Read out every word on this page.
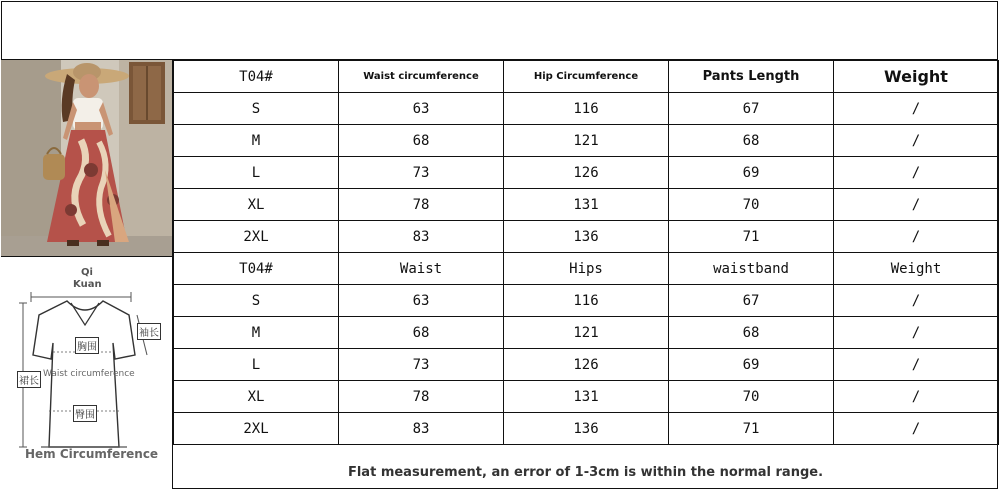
Qi
Kuan
胸围
袖长
裙长
Waist circumference
臀围
Hem Circumference
T04#	Waist circumference	Hip Circumference	Pants Length	Weight
S	63	116	67	/
M	68	121	68	/
L	73	126	69	/
XL	78	131	70	/
2XL	83	136	71	/
T04#	Waist	Hips	waistband	Weight
S	63	116	67	/
M	68	121	68	/
L	73	126	69	/
XL	78	131	70	/
2XL	83	136	71	/
Flat measurement, an error of 1-3cm is within the normal range.
